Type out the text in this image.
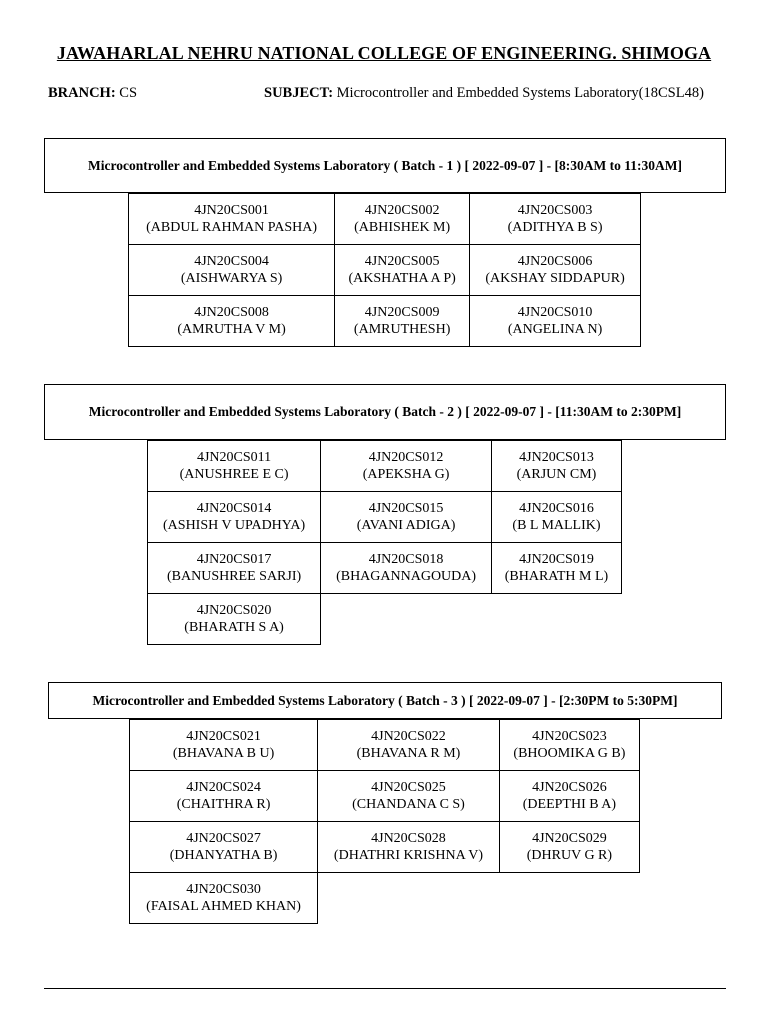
JAWAHARLAL NEHRU NATIONAL COLLEGE OF ENGINEERING. SHIMOGA
BRANCH: CS	SUBJECT: Microcontroller and Embedded Systems Laboratory(18CSL48)
Microcontroller and Embedded Systems Laboratory ( Batch - 1 ) [ 2022-09-07 ] - [8:30AM to 11:30AM]
4JN20CS001
(ABDUL RAHMAN PASHA)	4JN20CS002
(ABHISHEK M)	4JN20CS003
(ADITHYA B S)

4JN20CS004
(AISHWARYA S)	4JN20CS005
(AKSHATHA A P)	4JN20CS006
(AKSHAY SIDDAPUR)

4JN20CS008
(AMRUTHA V M)	4JN20CS009
(AMRUTHESH)	4JN20CS010
(ANGELINA N)
Microcontroller and Embedded Systems Laboratory ( Batch - 2 ) [ 2022-09-07 ] - [11:30AM to 2:30PM]
4JN20CS011
(ANUSHREE E C)	4JN20CS012
(APEKSHA G)	4JN20CS013
(ARJUN CM)

4JN20CS014
(ASHISH V UPADHYA)	4JN20CS015
(AVANI ADIGA)	4JN20CS016
(B L MALLIK)

4JN20CS017
(BANUSHREE SARJI)	4JN20CS018
(BHAGANNAGOUDA)	4JN20CS019
(BHARATH M L)

4JN20CS020
(BHARATH S A)		

Microcontroller and Embedded Systems Laboratory ( Batch - 3 ) [ 2022-09-07 ] - [2:30PM to 5:30PM]
4JN20CS021
(BHAVANA B U)	4JN20CS022
(BHAVANA R M)	4JN20CS023
(BHOOMIKA G B)

4JN20CS024
(CHAITHRA R)	4JN20CS025
(CHANDANA C S)	4JN20CS026
(DEEPTHI B A)

4JN20CS027
(DHANYATHA B)	4JN20CS028
(DHATHRI KRISHNA V)	4JN20CS029
(DHRUV G R)

4JN20CS030
(FAISAL AHMED KHAN)		
